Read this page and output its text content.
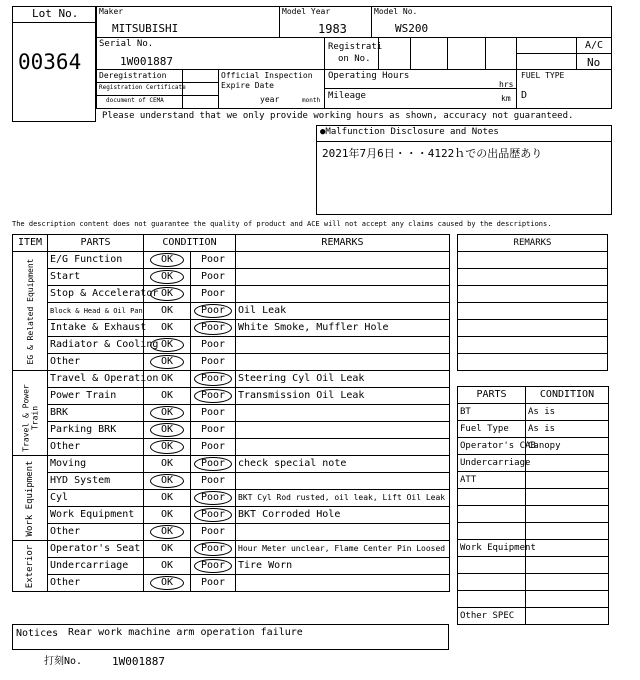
Lot No.
00364
Maker
MITSUBISHI
Model Year
1983
Model No.
WS200
Serial No.
1W001887
Registrati
on No.
A/C
No
Deregistration
Registration Certificate
document of CEMA
Official Inspection
Expire Date
year	month
Operating Hours
hrs
Mileage	km
FUEL TYPE
D
Please understand that we only provide working hours as shown, accuracy not guaranteed.
●Malfunction Disclosure and Notes
2021年7月6日・・・4122ｈでの出品歴あり
The description content does not guarantee the quality of product and ACE will not accept any claims caused by the descriptions.
ITEM	PARTS	CONDITION		REMARKS

EG & Related Equipment	E/G Function	OK	Poor	
	Start	OK	Poor	
	Stop & Accelerator	OK	Poor	
	Block & Head & Oil Pan	OK	Poor	Oil Leak
	Intake & Exhaust	OK	Poor	White Smoke, Muffler Hole
	Radiator & Cooling	OK	Poor	
	Other	OK	Poor	

Travel & Power Train	Travel & Operation	OK	Poor	Steering Cyl Oil Leak
	Power Train	OK	Poor	Transmission Oil Leak
	BRK	OK	Poor	
	Parking BRK	OK	Poor	
	Other	OK	Poor	

Work Equipment	Moving	OK	Poor	check special note
	HYD System	OK	Poor	
	Cyl	OK	Poor	BKT Cyl Rod rusted, oil leak, Lift Oil Leak
	Work Equipment	OK	Poor	BKT Corroded Hole
	Other	OK	Poor	

Exterior	Operator's Seat	OK	Poor	Hour Meter unclear, Flame Center Pin Loosed
	Undercarriage	OK	Poor	Tire Worn
	Other	OK	Poor	
REMARKS

PARTS	CONDITION
BT	As is
Fuel Type	As is
Operator's CAB	Canopy
Undercarriage	
ATT	

Work Equipment	

Other SPEC	
Notices Rear work machine arm operation failure
打刻No.	1W001887
